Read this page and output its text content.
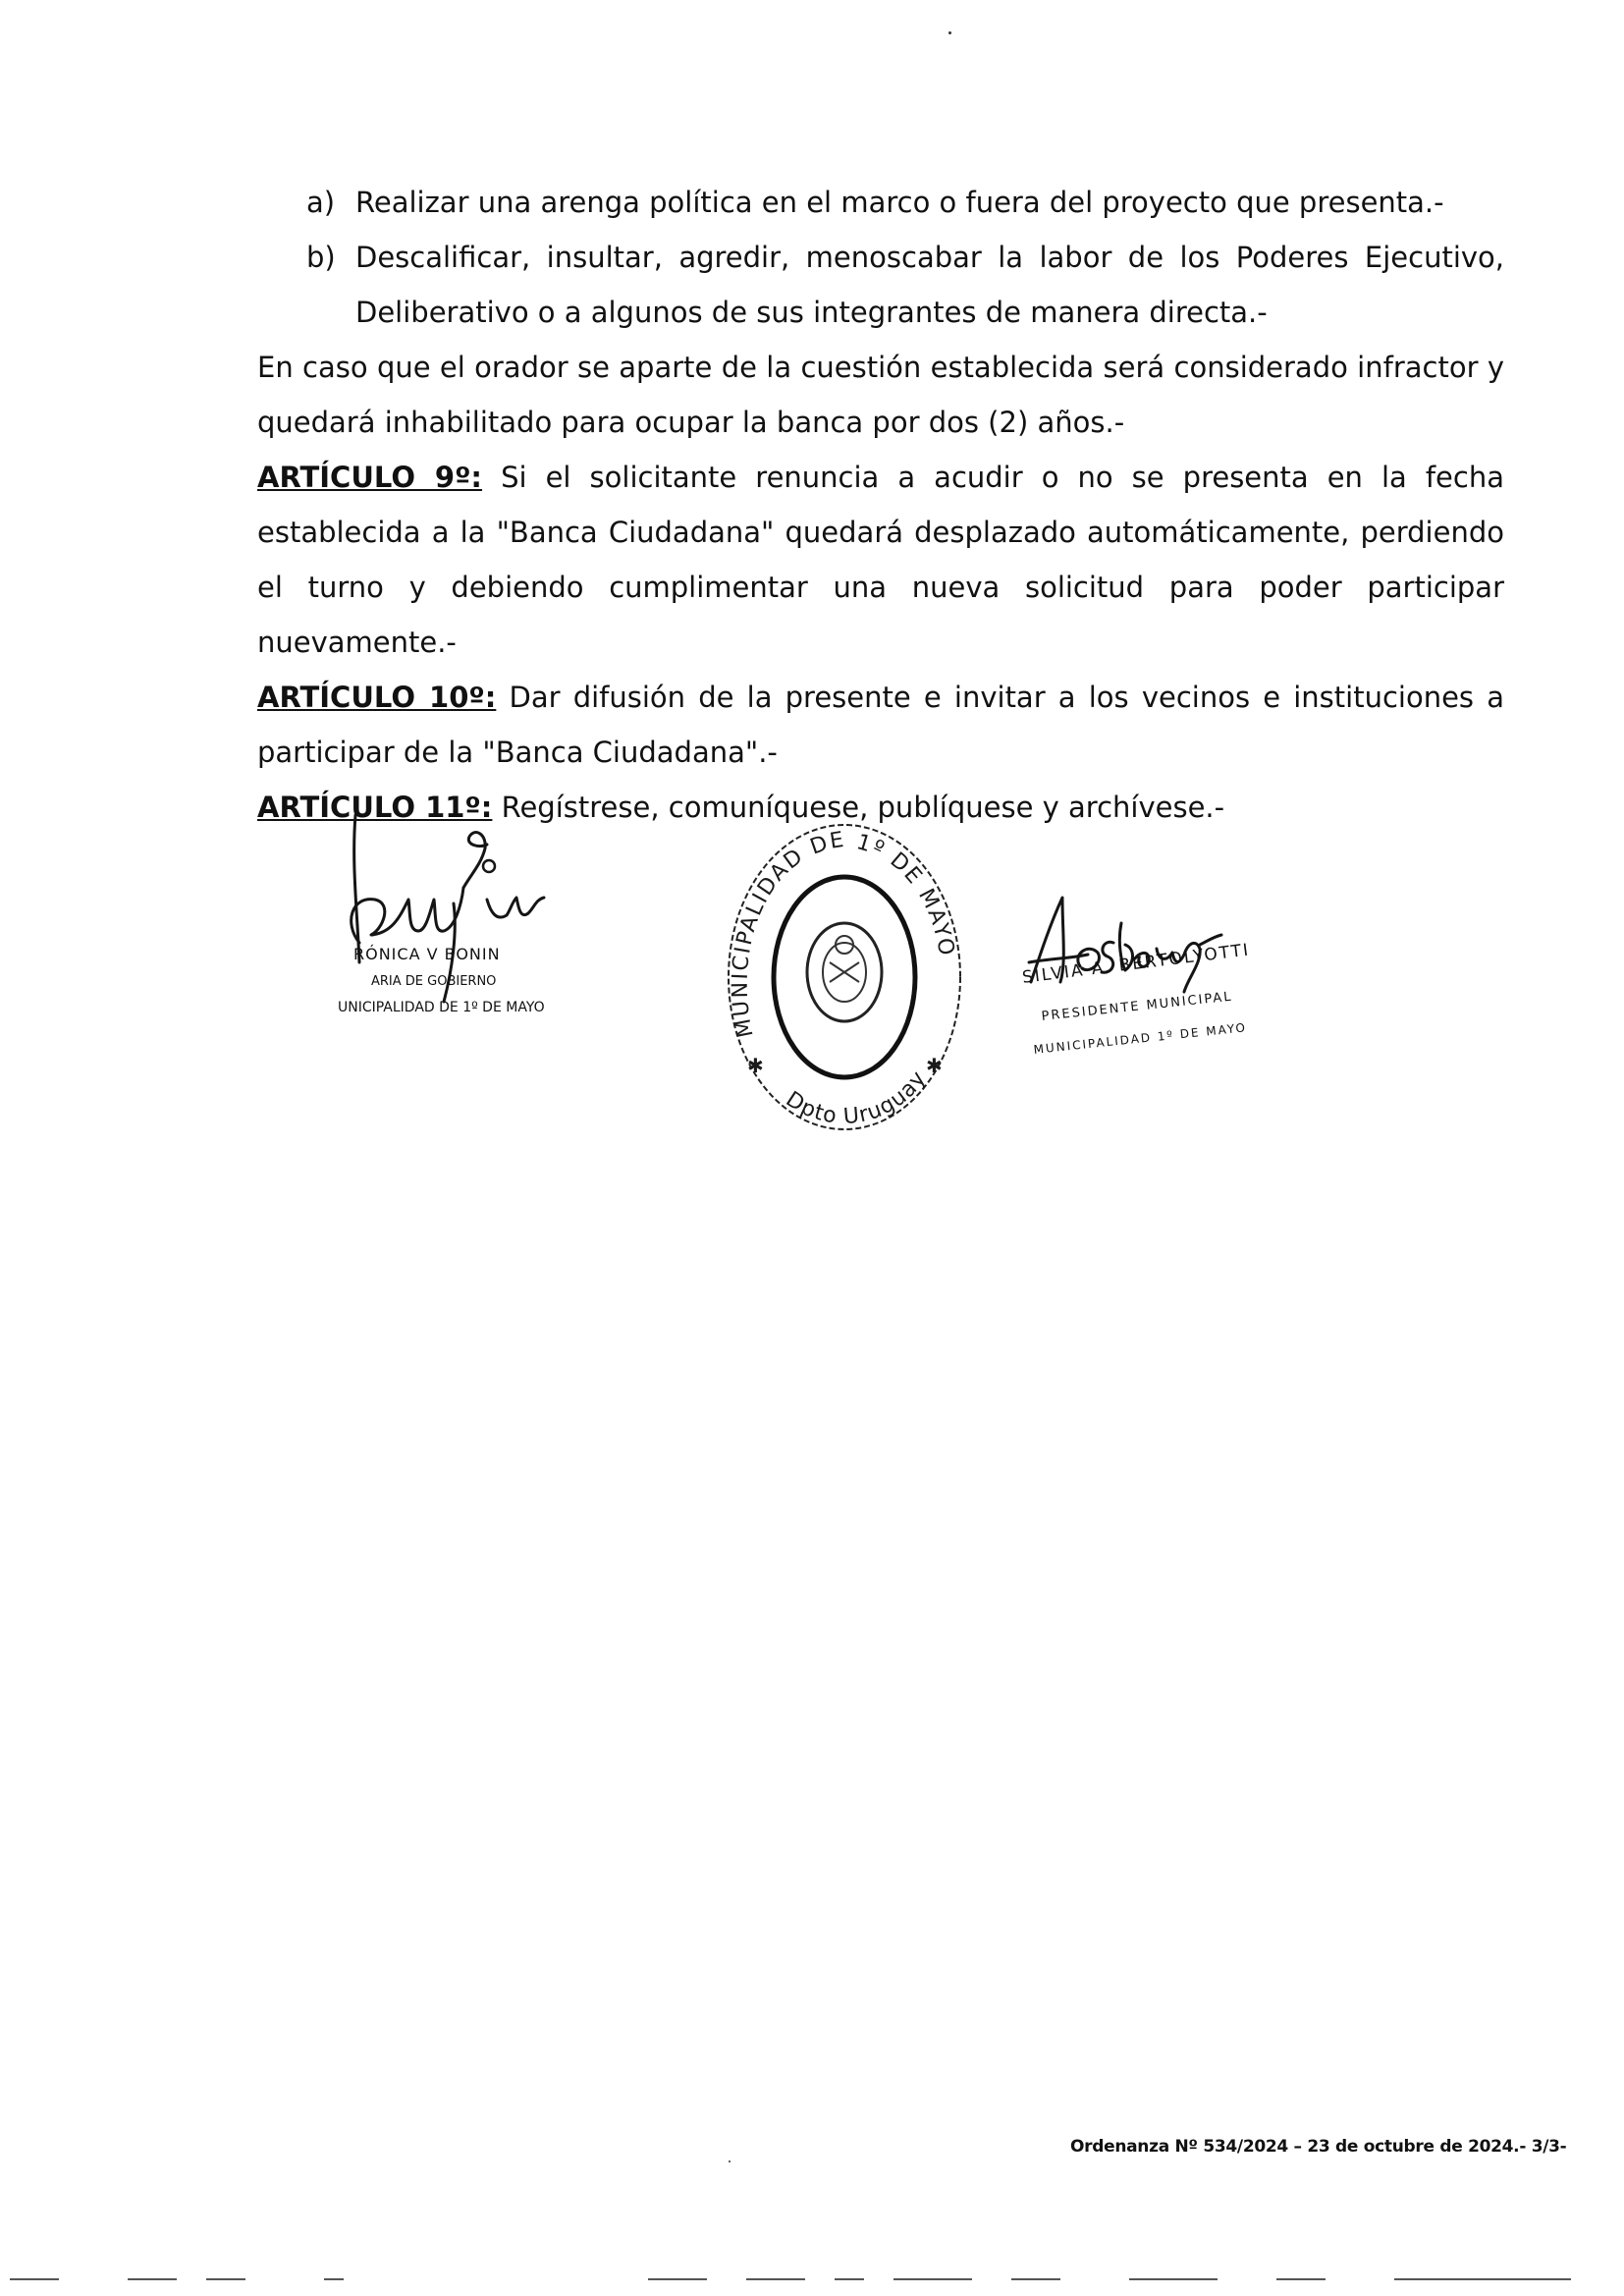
a) Realizar una arenga política en el marco o fuera del proyecto que presenta.-

b) Descalificar, insultar, agredir, menoscabar la labor de los Poderes Ejecutivo, Deliberativo o a algunos de sus integrantes de manera directa.-

En caso que el orador se aparte de la cuestión establecida será considerado infractor y quedará inhabilitado para ocupar la banca por dos (2) años.-

ARTÍCULO 9º: Si el solicitante renuncia a acudir o no se presenta en la fecha establecida a la "Banca Ciudadana" quedará desplazado automáticamente, perdiendo el turno y debiendo cumplimentar una nueva solicitud para poder participar nuevamente.-

ARTÍCULO 10º: Dar difusión de la presente e invitar a los vecinos e instituciones a participar de la "Banca Ciudadana".-

ARTÍCULO 11º: Regístrese, comuníquese, publíquese y archívese.-

RÓNICA V BONIN
ARIA DE GOBIERNO
UNICIPALIDAD DE 1º DE MAYO
MUNICIPALIDAD DE 1º DE MAYO
Dpto Uruguay
✱	✱
SILVIA A. BERTOLYOTTI
PRESIDENTE MUNICIPAL
MUNICIPALIDAD 1º DE MAYO
Ordenanza Nº 534/2024 – 23 de octubre de 2024.- 3/3-
